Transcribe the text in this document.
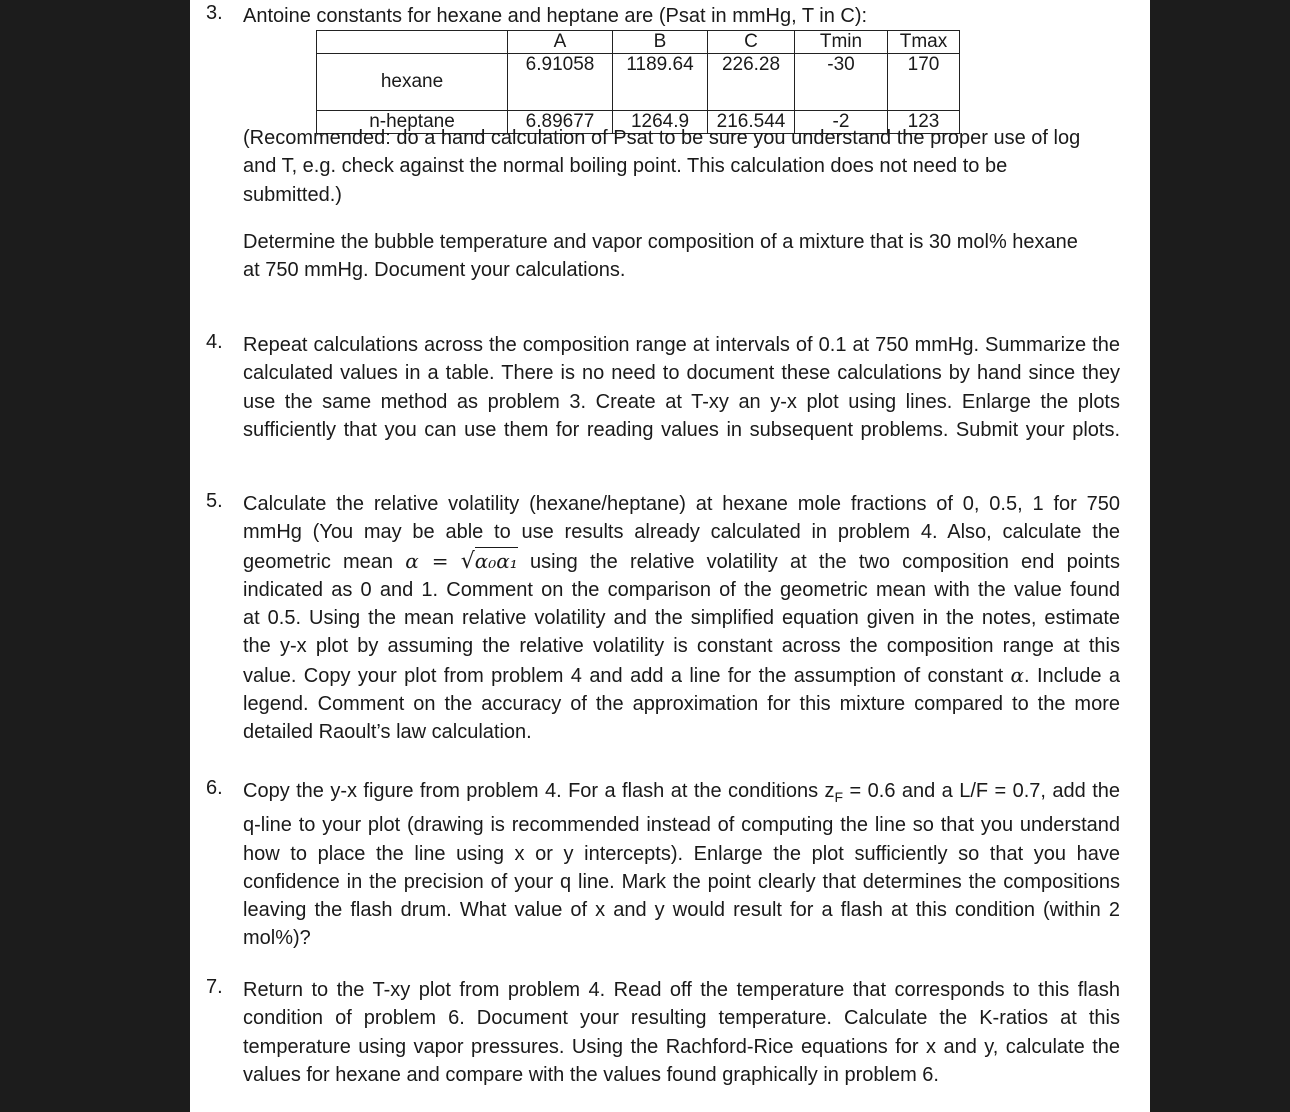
3. Antoine constants for hexane and heptane are (Psat in mmHg, T in C):
	A	B	C	Tmin	Tmax
hexane	6.91058	1189.64	226.28	-30	170
n-heptane	6.89677	1264.9	216.544	-2	123
(Recommended: do a hand calculation of Psat to be sure you understand the proper use of log
and T, e.g. check against the normal boiling point. This calculation does not need to be
submitted.)
Determine the bubble temperature and vapor composition of a mixture that is 30 mol% hexane
at 750 mmHg. Document your calculations.
4. Repeat calculations across the composition range at intervals of 0.1 at 750 mmHg. Summarize the
calculated values in a table. There is no need to document these calculations by hand since they
use the same method as problem 3. Create at T-xy an y-x plot using lines. Enlarge the plots
sufficiently that you can use them for reading values in subsequent problems. Submit your plots.
5. Calculate the relative volatility (hexane/heptane) at hexane mole fractions of 0, 0.5, 1 for 750
mmHg (You may be able to use results already calculated in problem 4. Also, calculate the
geometric mean α = √α₀α₁ using the relative volatility at the two composition end points
indicated as 0 and 1. Comment on the comparison of the geometric mean with the value found
at 0.5. Using the mean relative volatility and the simplified equation given in the notes, estimate
the y-x plot by assuming the relative volatility is constant across the composition range at this
value. Copy your plot from problem 4 and add a line for the assumption of constant α. Include a
legend. Comment on the accuracy of the approximation for this mixture compared to the more
detailed Raoult’s law calculation.
6. Copy the y-x figure from problem 4. For a flash at the conditions $z_F = 0.6$ and a L/F = 0.7, add the
q-line to your plot (drawing is recommended instead of computing the line so that you understand
how to place the line using x or y intercepts). Enlarge the plot sufficiently so that you have
confidence in the precision of your q line. Mark the point clearly that determines the compositions
leaving the flash drum. What value of x and y would result for a flash at this condition (within 2
mol%)?
7. Return to the T-xy plot from problem 4. Read off the temperature that corresponds to this flash
condition of problem 6. Document your resulting temperature. Calculate the K-ratios at this
temperature using vapor pressures. Using the Rachford-Rice equations for x and y, calculate the
values for hexane and compare with the values found graphically in problem 6.
